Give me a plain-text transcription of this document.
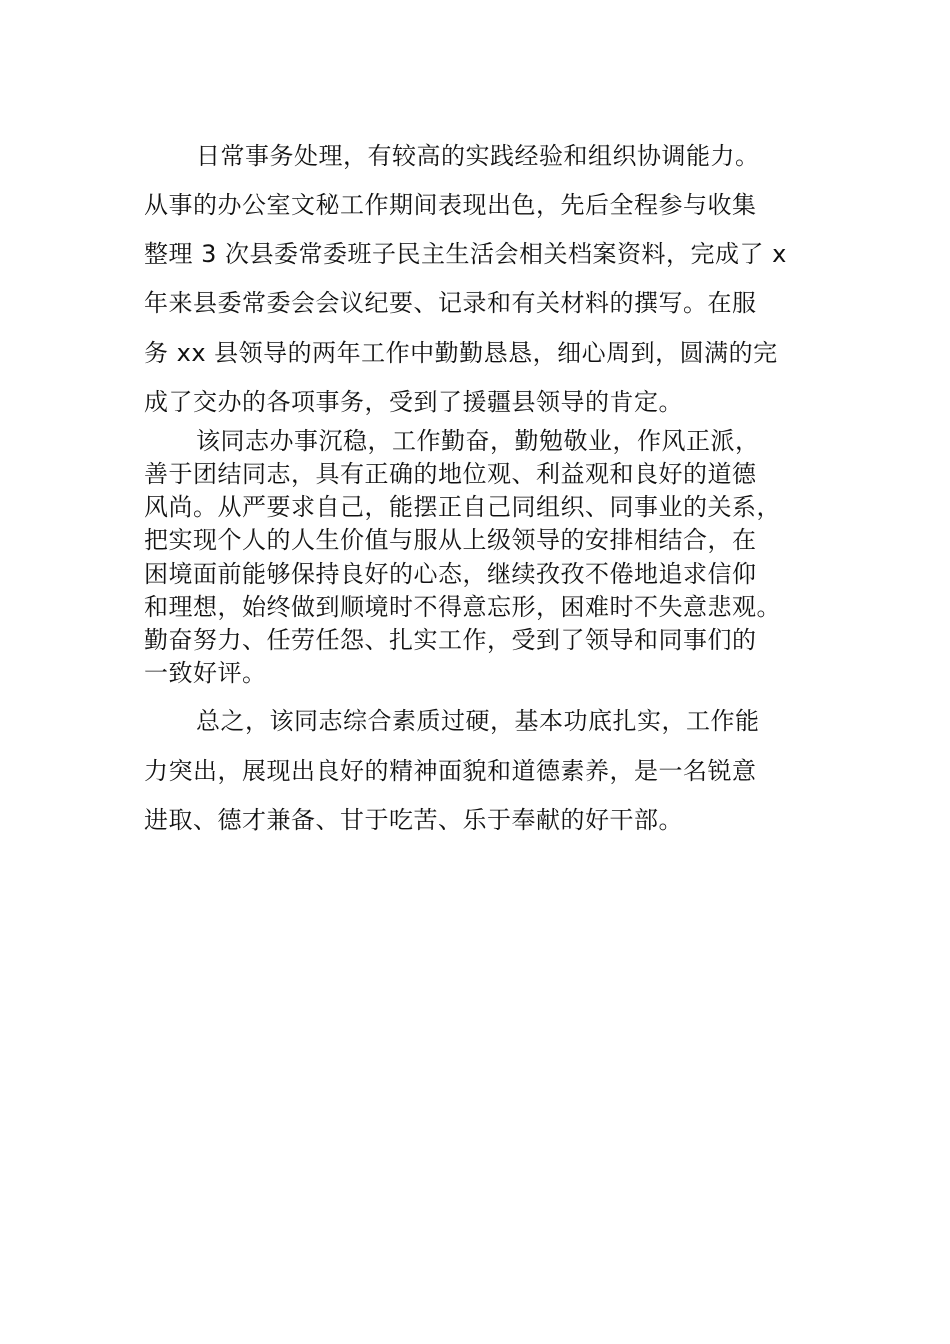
日常事务处理，有较高的实践经验和组织协调能力。
从事的办公室文秘工作期间表现出色，先后全程参与收集
整理 3 次县委常委班子民主生活会相关档案资料，完成了 x
年来县委常委会会议纪要、记录和有关材料的撰写。在服
务 xx 县领导的两年工作中勤勤恳恳，细心周到，圆满的完
成了交办的各项事务，受到了援疆县领导的肯定。
该同志办事沉稳，工作勤奋，勤勉敬业，作风正派，
善于团结同志，具有正确的地位观、利益观和良好的道德
风尚。从严要求自己，能摆正自己同组织、同事业的关系，
把实现个人的人生价值与服从上级领导的安排相结合，在
困境面前能够保持良好的心态，继续孜孜不倦地追求信仰
和理想，始终做到顺境时不得意忘形，困难时不失意悲观。
勤奋努力、任劳任怨、扎实工作，受到了领导和同事们的
一致好评。
总之，该同志综合素质过硬，基本功底扎实，工作能
力突出，展现出良好的精神面貌和道德素养，是一名锐意
进取、德才兼备、甘于吃苦、乐于奉献的好干部。
